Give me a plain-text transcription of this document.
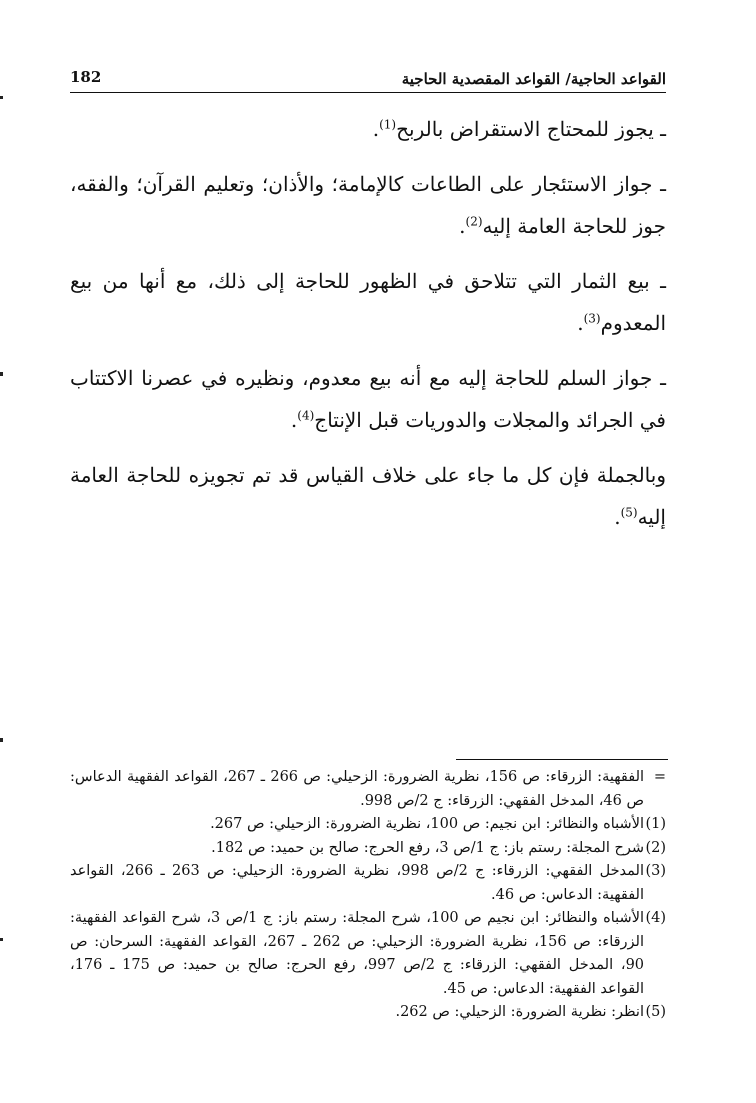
القواعد الحاجية/ القواعد المقصدية الحاجية
182

ـ يجوز للمحتاج الاستقراض بالربح$^{(1)}$.

ـ جواز الاستئجار على الطاعات كالإمامة؛ والأذان؛ وتعليم القرآن؛ والفقه، جوز للحاجة العامة إليه$^{(2)}$.

ـ بيع الثمار التي تتلاحق في الظهور للحاجة إلى ذلك، مع أنها من بيع المعدوم$^{(3)}$.

ـ جواز السلم للحاجة إليه مع أنه بيع معدوم، ونظيره في عصرنا الاكتتاب في الجرائد والمجلات والدوريات قبل الإنتاج$^{(4)}$.

وبالجملة فإن كل ما جاء على خلاف القياس قد تم تجويزه للحاجة العامة إليه$^{(5)}$.

=
الفقهية: الزرقاء: ص 156، نظرية الضرورة: الزحيلي: ص 266 ـ 267، القواعد الفقهية الدعاس: ص 46، المدخل الفقهي: الزرقاء: ج 2/ص 998.
(1)
الأشباه والنظائر: ابن نجيم: ص 100، نظرية الضرورة: الزحيلي: ص 267.
(2)
شرح المجلة: رستم باز: ج 1/ص 3، رفع الحرج: صالح بن حميد: ص 182.
(3)
المدخل الفقهي: الزرقاء: ج 2/ص 998، نظرية الضرورة: الزحيلي: ص 263 ـ 266، القواعد الفقهية: الدعاس: ص 46.
(4)
الأشباه والنظائر: ابن نجيم ص 100، شرح المجلة: رستم باز: ج 1/ص 3، شرح القواعد الفقهية: الزرقاء: ص 156، نظرية الضرورة: الزحيلي: ص 262 ـ 267، القواعد الفقهية: السرحان: ص 90، المدخل الفقهي: الزرقاء: ج 2/ص 997، رفع الحرج: صالح بن حميد: ص 175 ـ 176، القواعد الفقهية: الدعاس: ص 45.
(5)
انظر: نظرية الضرورة: الزحيلي: ص 262.
